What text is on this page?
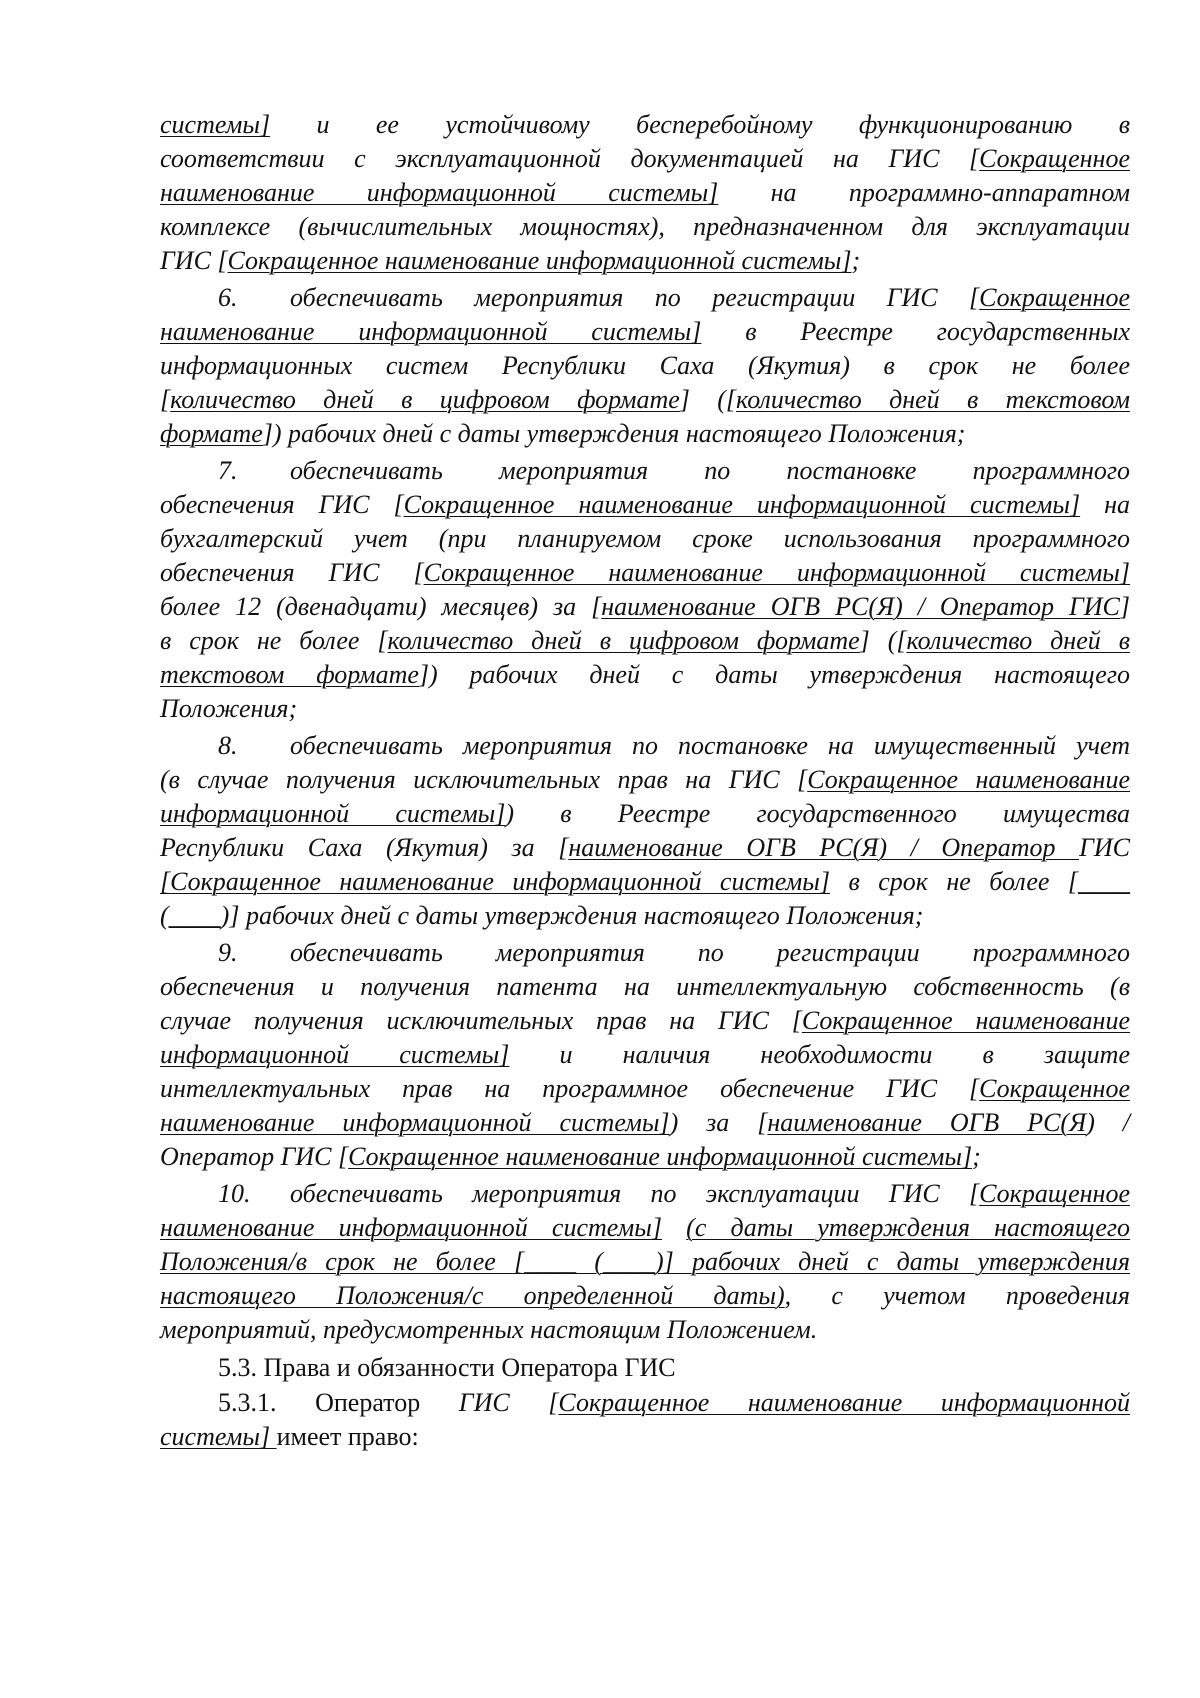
системы] и ее устойчивому бесперебойному функционированию в

соответствии с эксплуатационной документацией на ГИС [Сокращенное

наименование информационной системы] на программно-аппаратном

комплексе (вычислительных мощностях), предназначенном для эксплуатации

ГИС [Сокращенное наименование информационной системы];

6. обеспечивать мероприятия по регистрации ГИС [Сокращенное

наименование информационной системы] в Реестре государственных

информационных систем Республики Саха (Якутия) в срок не более

[количество дней в цифровом формате] ([количество дней в текстовом

формате]) рабочих дней с даты утверждения настоящего Положения;

7. обеспечивать мероприятия по постановке программного

обеспечения ГИС [Сокращенное наименование информационной системы] на

бухгалтерский учет (при планируемом сроке использования программного

обеспечения ГИС [Сокращенное наименование информационной системы]

более 12 (двенадцати) месяцев) за [наименование ОГВ РС(Я) / Оператор ГИС]

в срок не более [количество дней в цифровом формате] ([количество дней в

текстовом формате]) рабочих дней с даты утверждения настоящего

Положения;

8. обеспечивать мероприятия по постановке на имущественный учет

(в случае получения исключительных прав на ГИС [Сокращенное наименование

информационной системы]) в Реестре государственного имущества

Республики Саха (Якутия) за [наименование ОГВ РС(Я) / Оператор ГИС

[Сокращенное наименование информационной системы] в срок не более [____

(____)] рабочих дней с даты утверждения настоящего Положения;

9. обеспечивать мероприятия по регистрации программного

обеспечения и получения патента на интеллектуальную собственность (в

случае получения исключительных прав на ГИС [Сокращенное наименование

информационной системы] и наличия необходимости в защите

интеллектуальных прав на программное обеспечение ГИС [Сокращенное

наименование информационной системы]) за [наименование ОГВ РС(Я) /

Оператор ГИС [Сокращенное наименование информационной системы];

10. обеспечивать мероприятия по эксплуатации ГИС [Сокращенное

наименование информационной системы] (с даты утверждения настоящего

Положения/в срок не более [____ (____)] рабочих дней с даты утверждения

настоящего Положения/с определенной даты), с учетом проведения

мероприятий, предусмотренных настоящим Положением.

5.3. Права и обязанности Оператора ГИС

5.3.1. Оператор ГИС [Сокращенное наименование информационной

системы] имеет право:
